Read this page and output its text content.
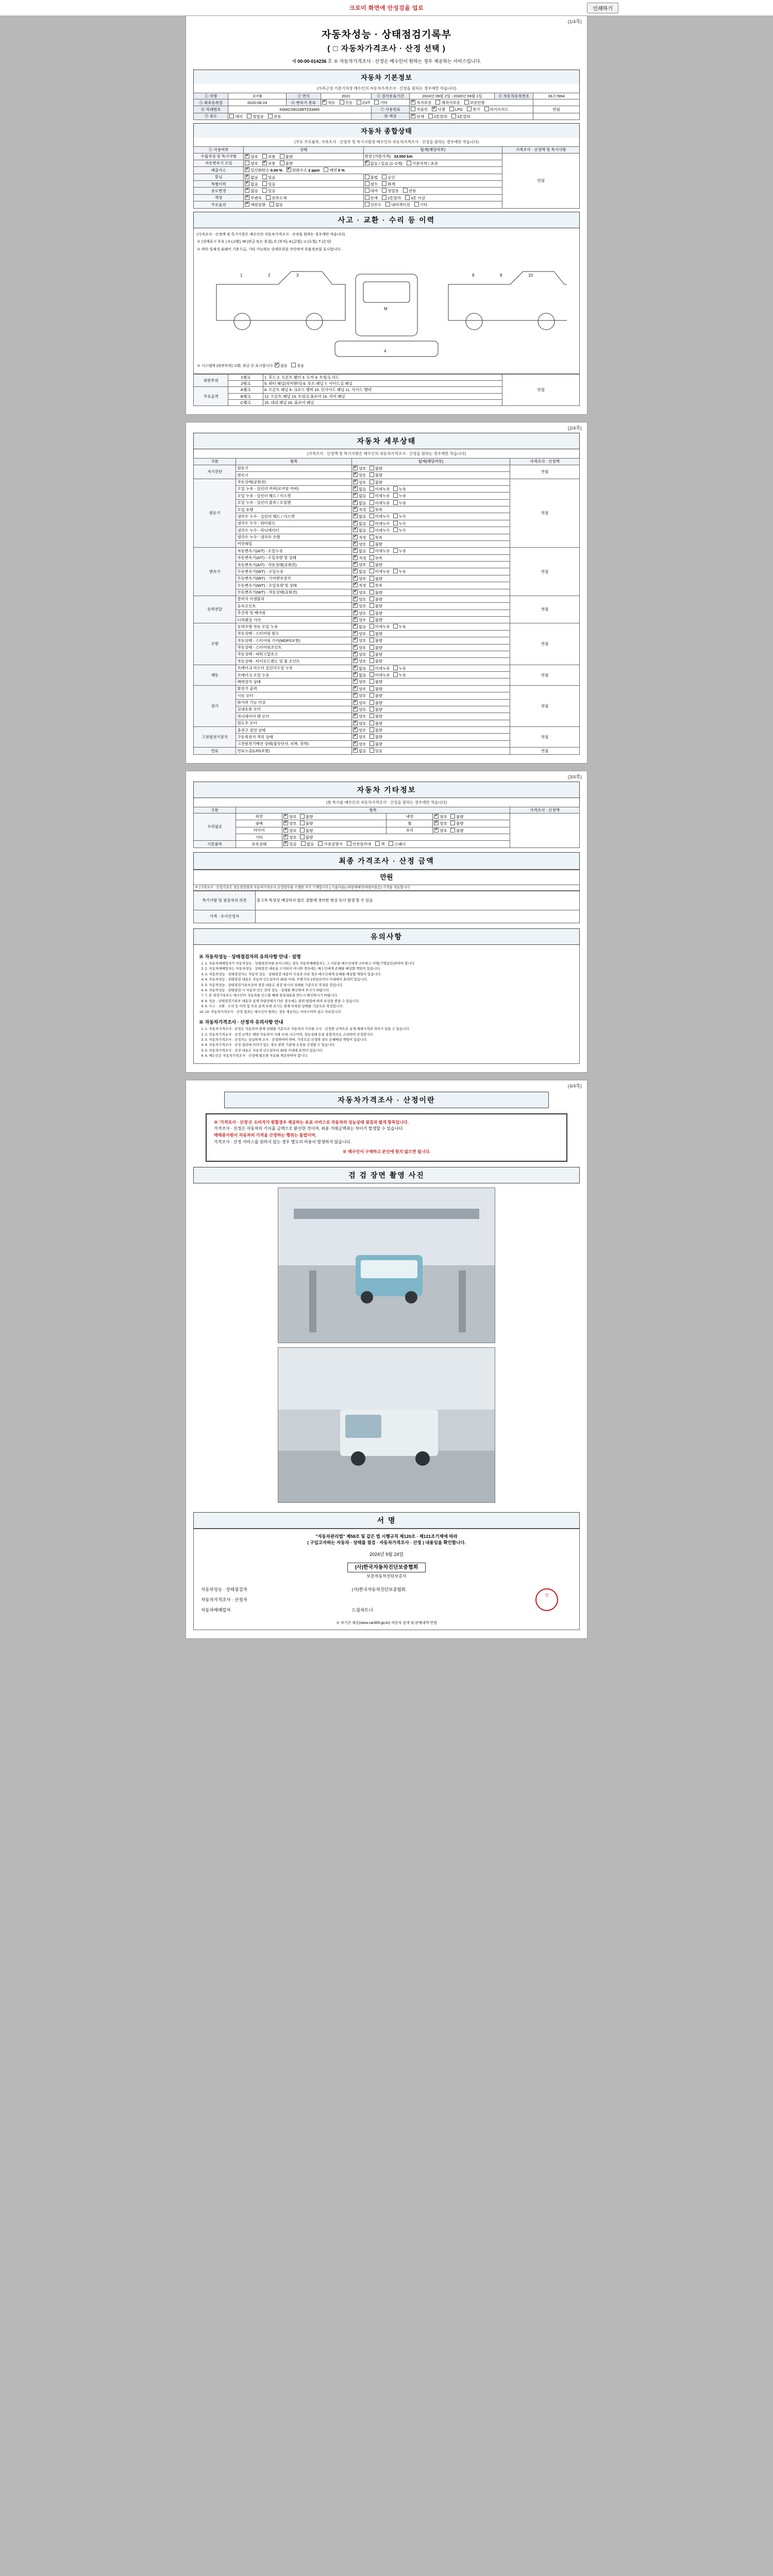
크로미 화면에 안성검을 업로	인쇄하기
(1/4쪽)
자동차성능 · 상태점검기록부
( □ 자동차가격조사 · 산정 선택 )
제 00-00-014236 호 ※ 자동차가격조사 · 산정은 매수인이 원하는 경우 제공하는 서비스입니다.
자동차 기본정보
(가족근성 기준기차장 매수인의 자동차가격조사 · 산정을 원하는 경우에만 작습니다)
① 차명	포터Ⅱ	② 연식	2021	③ 검사유효기간	2024년 09월 2일 ~2026년 09월 1일	④ 자동차등록번호	33소7864
⑤ 최초등록일	2020-06-24	⑥ 변속기 종류	✔자동 수동 CVT 기타	✔자가보증 제작사보증 보증안함	
⑧ 차대번호	KMACD81188TZ33465			⑦ 사용연료	가솔린 ✔ 디젤 LPG 전기 하이브리드		연필
⑨ 용도	대여 영업용 관용			⑩ 색상	✔단색 2톤칼라 3톤칼라	
자동차 종합상태
(주요 주요품목, 가족조사 · 산정작 및 목기사람장 매수인의 자동차가격조사 · 산정을 원하는 경우에만 작습니다)
① 사용여부	상태	탑재(해당여부)	가격조사 · 산정액 및 특기사항
수립적성 및 특기사항	✔양호 보통 불량	현장 (가준가격) 33,550 km	연필
자동변속기 오일	양호 ✔ 보통 불량	✔없음 / 있음 (1~2개) 기준가격 / 초과
배출가스	✔일산화탄소 0.04 % ✔ 탄화수소 2 ppm 매연 0 %
튜닝	✔없음 있음	불법 승인	
특별이력	✔없음 있음	침수 화재	
용도변경	✔없음 있음	대여 영업용 관용	
색상	✔무변속 전부도색	단색 2톤칼라 3톤 이상	
주요옵션	✔제원일람 없음	선루프 내비게이션 기타	
사고 · 교환 · 수리 등 이력
(가격조사 · 산정액 및 특기사항은 매수인의 자동차가격조사 · 산정을 원하는 경우에만 작습니다)
※ (상태표시 부호 ) X (교환), W (판금 또는 용접), C (부식), A (긁힘), U (요철), T (손상)
※ 하단 일체성 술래어 기준으로, 기타 가능하는 상세부위를 진단하여 부품정보를 표시합니다.
1	2	3
M
8	9	10
4
※ 시스템에 (외관부위) 교환, 판금 등 표시합니다. ✔ 없음	있음
외판부위	1랭크	1. 후드 2. 프론트 휀더 3. 도어 4. 트렁크 리드	연필
	2랭크	5. 쿼터 패널(리어펜더) 6. 루프 패널 7. 사이드실 패널	
주요골격	A랭크	8. 프론트 패널 9. 크로스 멤버 10. 인사이드 패널 11. 사이드 멤버	
	B랭크	12. 프론트 패널 13. 트렁크 플로어 14. 리어 패널	
	C랭크	15. 대쉬 패널 16. 플로어 패널	
(2/4쪽)
자동차 세부상태
(가격조사 · 산정액 및 특기사항은 매수인의 자동차가격조사 · 산정을 원하는 경우에만 작습니다)
구분	항목	탑재(해당여부)	가격조사 · 산정액
자기진단	원동기	✔양호 불량	연필
	변속기	✔양호 불량
원동기	작동상태(공회전)	✔양호 불량	연필
	오일 누유 - 실린더 커버(로커암 커버)	✔없음 미세누유 누유
	오일 누유 - 실린더 헤드 / 가스켓	✔없음 미세누유 누유
	오일 누유 - 실린더 블록 / 오일팬	✔없음 미세누유 누유
	오일 유량	✔적정 부족
	냉각수 누수 - 실린더 헤드 / 가스켓	✔없음 미세누수 누수
	냉각수 누수 - 워터펌프	✔없음 미세누수 누수
	냉각수 누수 - 라디에이터	✔없음 미세누수 누수
	냉각수 누수 - 냉각수 수량	✔적정 부족
	커먼레일	✔양호 불량
변속기	자동변속기(A/T) - 오일누유	✔없음 미세누유 누유	연필
	자동변속기(A/T) - 오일유량 및 상태	✔적정 부족
	자동변속기(A/T) - 작동상태(공회전)	✔양호 불량
	수동변속기(M/T) - 오일누유	✔없음 미세누유 누유
	수동변속기(M/T) - 기어변속장치	✔양호 불량
	수동변속기(M/T) - 오일유량 및 상태	✔적정 부족
	수동변속기(M/T) - 작동상태(공회전)	✔양호 불량
동력전달	클러치 어셈블리	✔양호 불량	연필
	등속조인트	✔양호 불량
	추진축 및 베어링	✔양호 불량
	디퍼렌셜 기어	✔양호 불량
조향	동력조향 작동 오일 누유	✔없음 미세누유 누유	연필
	작동상태 - 스티어링 펌프	✔양호 불량
	작동상태 - 스티어링 기어(MDPS포함)	✔양호 불량
	작동상태 - 스티어링조인트	✔양호 불량
	작동상태 - 파워고압호스	✔양호 불량
	작동상태 - 타이로드엔드 및 볼 조인트	✔양호 불량
제동	브레이크 마스터 실린더오일 누유	✔없음 미세누유 누유	연필
	브레이크 오일 누유	✔없음 미세누유 누유
	배력장치 상태	✔양호 불량
전기	발전기 출력	✔양호 불량	연필
	시동 모터	✔양호 불량
	와이퍼 기능 이상	✔양호 불량
	실내송풍 모터	✔양호 불량
	라디에이터 팬 모터	✔양호 불량
	윈도우 모터	✔양호 불량
고전원전기장치	충전구 절연 상태	✔양호 불량	연필
	구동축전지 격리 상태	✔양호 불량
	고전원전기배선 상태(접속단자, 피복, 장착)	✔양호 불량
연료	연료누출(LPG포함)	✔없음 있음	연필
(3/4쪽)
자동차 기타정보
(항 특기를 매수인의 자동차가격조사 · 산정을 원하는 경우에만 작습니다)
구분	항목				가격조사 · 산정액
수리필요	외장	✔양호 불량	내장	✔양호 불량	
	광택	✔양호 불량	휠	✔양호 불량
	타이어	✔양호 불량	유리	✔양호 불량
	기타	✔양호 불량
기본품목	보유상태	✔있음 없음 사용설명서 안전삼각대 잭 스패너
최종 가격조사 · 산정 금액
만원
※ (가격조사 · 산정기준은 성능점검결과 자동차가격조사 산정업무를 수행한 자가 기재합니다.) 기술사용(□차량재매각/차량이용등) 가격을 적용합니다
특기사항 및 점검자의 의견	중고차 특성상 예상하지 않은 결함에 경미한 현상 등이 발생 할 수 있음
가격 · 조사산정자	
유의사항
※ 자동차성능 · 상태점검자의 유의사항 안내 · 설명
1. 1. 자동차매매업자가 자동차성능 · 상태점검자를 보이고하는 경우 자동차매매업자는 그 사본을 매수인에게 교부하고 서명(기명날인)하여야 합니다.
2. 2. 자동차매매업자는 자동차성능 · 상태점검 내용을 고지하지 아니한 경우에는 매수인에게 손해를 배상할 책임이 있습니다.
3. 3. 자동차성능 · 상태점검자는 자동차 성능 · 상태점검 내용이 사실과 다른 경우 매수인에게 손해를 배상할 책임이 있습니다.
4. 4. 자동차성능 · 상태점검 내용은 자동차 인도일부터 30일 이내, 주행거리 2천킬로미터 이내에서 효력이 있습니다.
5. 5. 자동차성능 · 상태점검기록부상의 점검 내용은 점검 당시의 상태를 기준으로 작성된 것입니다.
6. 6. 자동차성능 · 상태점검 시 자동차 인도 전의 성능 · 상태를 확인하여 주시기 바랍니다.
7. 7. 본 점검기록부는 매수인이 자동차를 인수할 때에 점검내용을 반드시 확인하시기 바랍니다.
8. 8. 성능 · 상태점검기록부 내용과 실제 차량상태가 다른 경우에는 관련 법령에 따라 보상을 받을 수 있습니다.
9. 9. 사고 · 교환 · 수리 등 이력 및 주요 골격 부위 표기는 현재 부착된 상태를 기준으로 작성합니다.
10. 10. 자동차가격조사 · 산정 결과는 매수인이 원하는 경우 제공되는 서비스이며 참고 자료입니다.
※ 자동차가격조사 · 산정자 유의사항 안내
1. 1. 자동차가격조사 · 산정은 자동차의 현재 상태를 기준으로 자동차의 가치를 조사 · 산정한 금액으로 실제 매매가격과 차이가 있을 수 있습니다.
2. 2. 자동차가격조사 · 산정 금액은 해당 자동차의 거래 시세, 사고이력, 성능상태 등을 종합적으로 고려하여 산정합니다.
3. 3. 자동차가격조사 · 산정자는 성실하게 조사 · 산정하여야 하며, 거짓으로 산정한 경우 손해배상 책임이 있습니다.
4. 4. 자동차가격조사 · 산정 결과에 이의가 있는 경우 관련 기관에 조정을 신청할 수 있습니다.
5. 5. 자동차가격조사 · 산정 내용은 자동차 인도일부터 30일 이내에 효력이 있습니다.
6. 6. 매도인은 자동차가격조사 · 산정에 필요한 자료를 제공하여야 합니다.
(4/4쪽)
자동차가격조사 · 산정이란
※ '가격조사 · 산정'은 소비자가 원할경우 제공하는 유료 서비스로 자동차의 성능상태 점검과 별개 항목입니다.
가격조사 · 산정은 자동차의 가치를 금액으로 환산한 것이며, 최종 거래금액과는 차이가 발생할 수 있습니다.
매매종사원이 자동차의 가격을 산정하는 행위는 불법이며,
가격조사 · 산정 서비스를 원하지 않는 경우 별도의 비용이 발생하지 않습니다.
※ 매수인이 구매하고 본인에 원치 않으면 됩니다.
검 검 장면 촬영 사진
서 명
"자동차관리법" 제58조 및 같은 법 시행규칙 제120조 · 제121조기재에 따라
( 구입고자하는 자동차 · 상태를 점검 · 자동차가격조사 · 산정 ) 내용임을 확인합니다.
2024년 9월 24일
(사)한국자동차진단보증협회
보분차동차진단보증사
자동차성능 · 상태점검자	(사)한국자동차진단보증협회	인
자동차가격조사 · 산정자		
자동차매매업자	드림파트너	
※ 차기간 제공(www.car365.go.kr) 자동차 검색 및 판매내역 민원
